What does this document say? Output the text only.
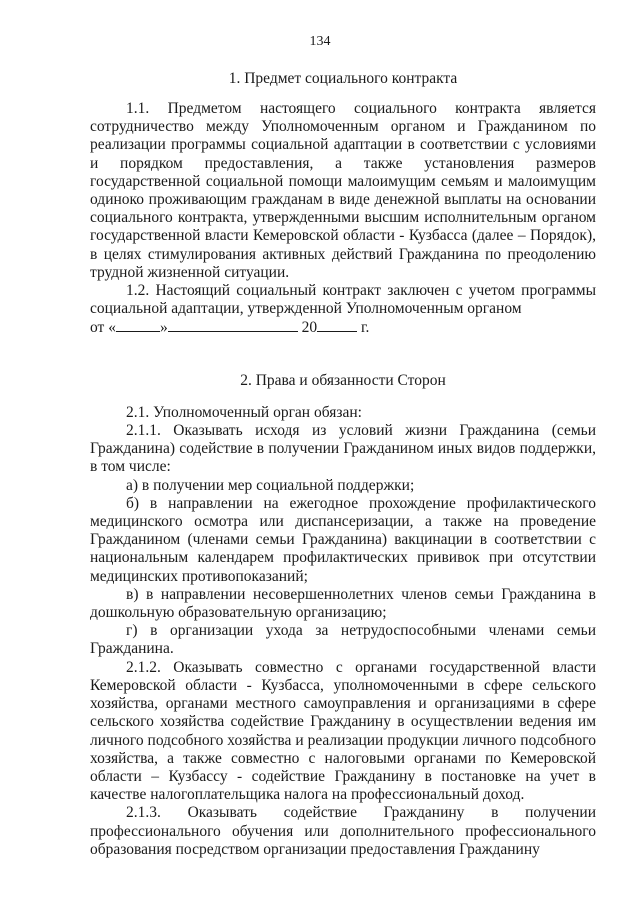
134
1. Предмет социального контракта

1.1. Предметом настоящего социального контракта является сотрудничество между Уполномоченным органом и Гражданином по реализации программы социальной адаптации в соответствии с условиями и порядком предоставления, а также установления размеров государственной социальной помощи малоимущим семьям и малоимущим одиноко проживающим гражданам в виде денежной выплаты на основании социального контракта, утвержденными высшим исполнительным органом государственной власти Кемеровской области - Кузбасса (далее – Порядок), в целях стимулирования активных действий Гражданина по преодолению трудной жизненной ситуации.

1.2. Настоящий социальный контракт заключен с учетом программы социальной адаптации, утвержденной Уполномоченным органом

от «	»	20	г.

2. Права и обязанности Сторон

2.1. Уполномоченный орган обязан:

2.1.1. Оказывать исходя из условий жизни Гражданина (семьи Гражданина) содействие в получении Гражданином иных видов поддержки, в том числе:

а) в получении мер социальной поддержки;

б) в направлении на ежегодное прохождение профилактического медицинского осмотра или диспансеризации, а также на проведение Гражданином (членами семьи Гражданина) вакцинации в соответствии с национальным календарем профилактических прививок при отсутствии медицинских противопоказаний;

в) в направлении несовершеннолетних членов семьи Гражданина в дошкольную образовательную организацию;

г) в организации ухода за нетрудоспособными членами семьи Гражданина.

2.1.2. Оказывать совместно с органами государственной власти Кемеровской области - Кузбасса, уполномоченными в сфере сельского хозяйства, органами местного самоуправления и организациями в сфере сельского хозяйства содействие Гражданину в осуществлении ведения им личного подсобного хозяйства и реализации продукции личного подсобного хозяйства, а также совместно с налоговыми органами по Кемеровской области – Кузбассу - содействие Гражданину в постановке на учет в качестве налогоплательщика налога на профессиональный доход.

2.1.3. Оказывать содействие Гражданину в получении профессионального обучения или дополнительного профессионального образования посредством организации предоставления Гражданину
